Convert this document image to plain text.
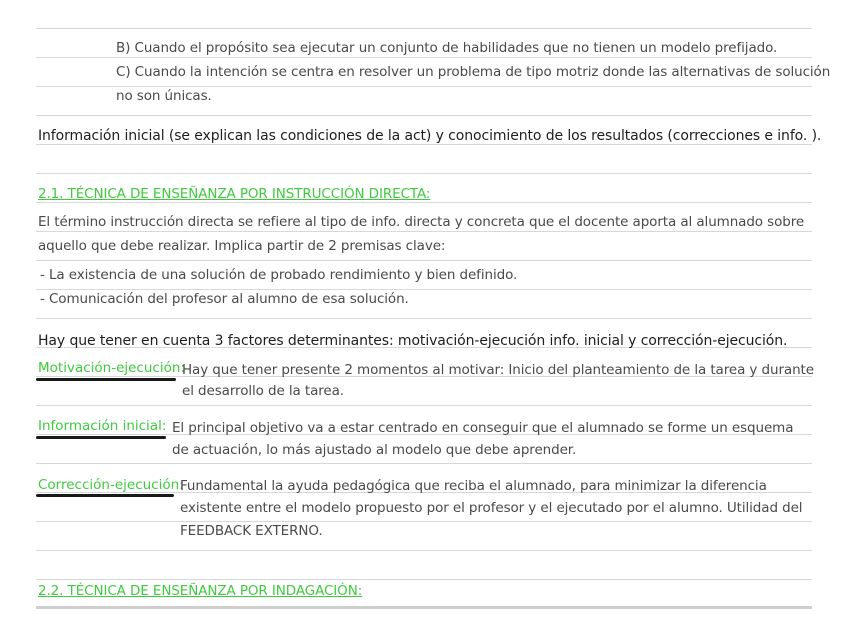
B) Cuando el propósito sea ejecutar un conjunto de habilidades que no tienen un modelo prefijado.
C) Cuando la intención se centra en resolver un problema de tipo motriz donde las alternativas de solución
no son únicas.
Información inicial (se explican las condiciones de la act) y conocimiento de los resultados (correcciones e info. ).
2.1. TÉCNICA DE ENSEÑANZA POR INSTRUCCIÓN DIRECTA:
El término instrucción directa se refiere al tipo de info. directa y concreta que el docente aporta al alumnado sobre
aquello que debe realizar. Implica partir de 2 premisas clave:
- La existencia de una solución de probado rendimiento y bien definido.
- Comunicación del profesor al alumno de esa solución.
Hay que tener en cuenta 3 factores determinantes: motivación-ejecución info. inicial y corrección-ejecución.
Motivación-ejecución:
Hay que tener presente 2 momentos al motivar: Inicio del planteamiento de la tarea y durante
el desarrollo de la tarea.
Información inicial: El principal objetivo va a estar centrado en conseguir que el alumnado se forme un esquema
de actuación, lo más ajustado al modelo que debe aprender.
Corrección-ejecución:
Fundamental la ayuda pedagógica que reciba el alumnado, para minimizar la diferencia
existente entre el modelo propuesto por el profesor y el ejecutado por el alumno. Utilidad del
FEEDBACK EXTERNO.
2.2. TÉCNICA DE ENSEÑANZA POR INDAGACIÓN:
